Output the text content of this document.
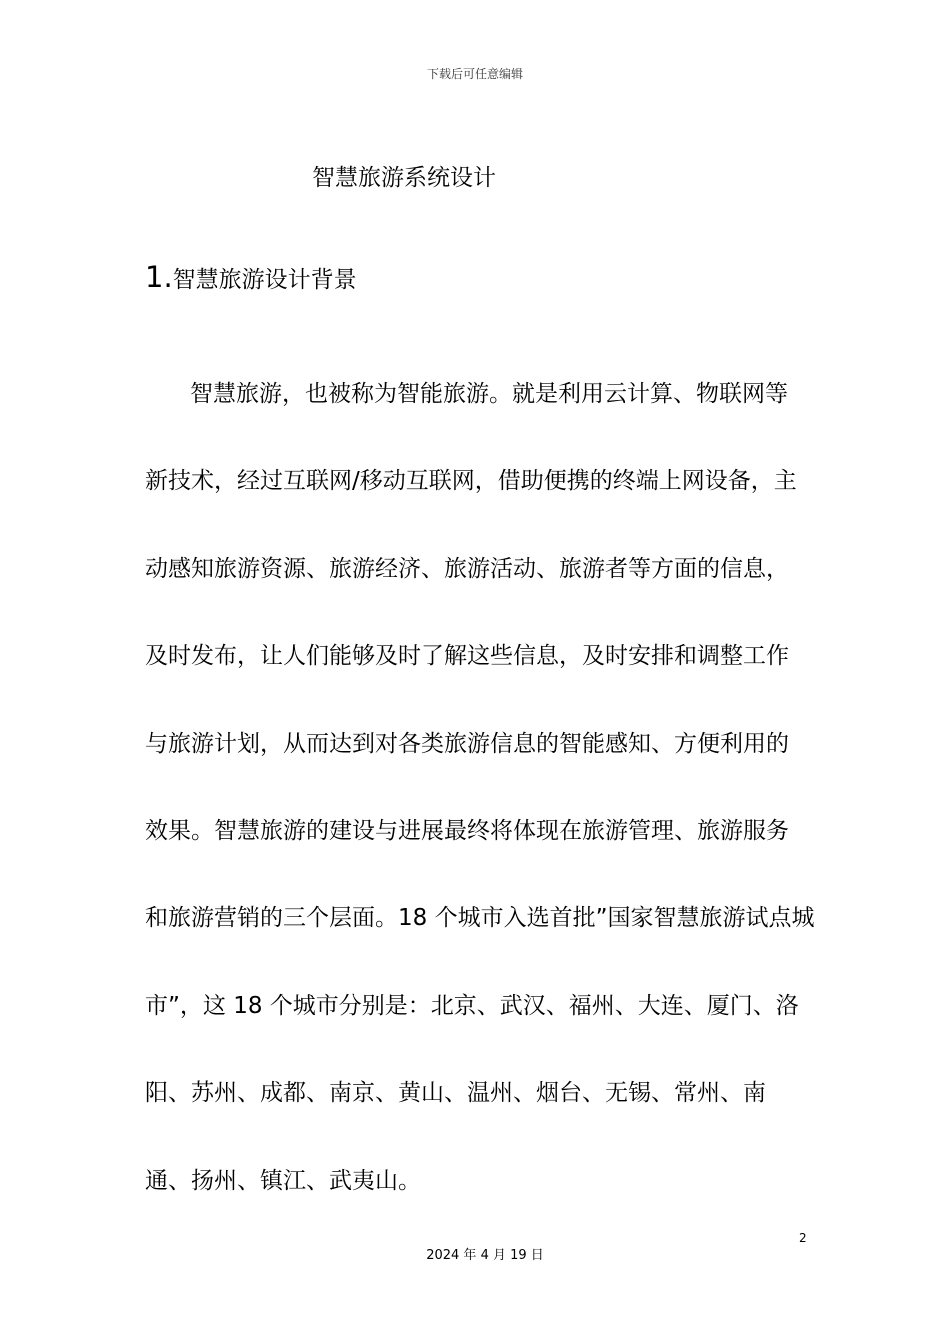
下载后可任意编辑
智慧旅游系统设计
1.智慧旅游设计背景

智慧旅游，也被称为智能旅游。就是利用云计算、物联网等
新技术，经过互联网/移动互联网，借助便携的终端上网设备，主
动感知旅游资源、旅游经济、旅游活动、旅游者等方面的信息，
及时发布，让人们能够及时了解这些信息，及时安排和调整工作
与旅游计划，从而达到对各类旅游信息的智能感知、方便利用的
效果。智慧旅游的建设与进展最终将体现在旅游管理、旅游服务
和旅游营销的三个层面。18 个城市入选首批”国家智慧旅游试点城
市”，这 18 个城市分别是：北京、武汉、福州、大连、厦门、洛
阳、苏州、成都、南京、黄山、温州、烟台、无锡、常州、南
通、扬州、镇江、武夷山。

2
2024 年 4 月 19 日
